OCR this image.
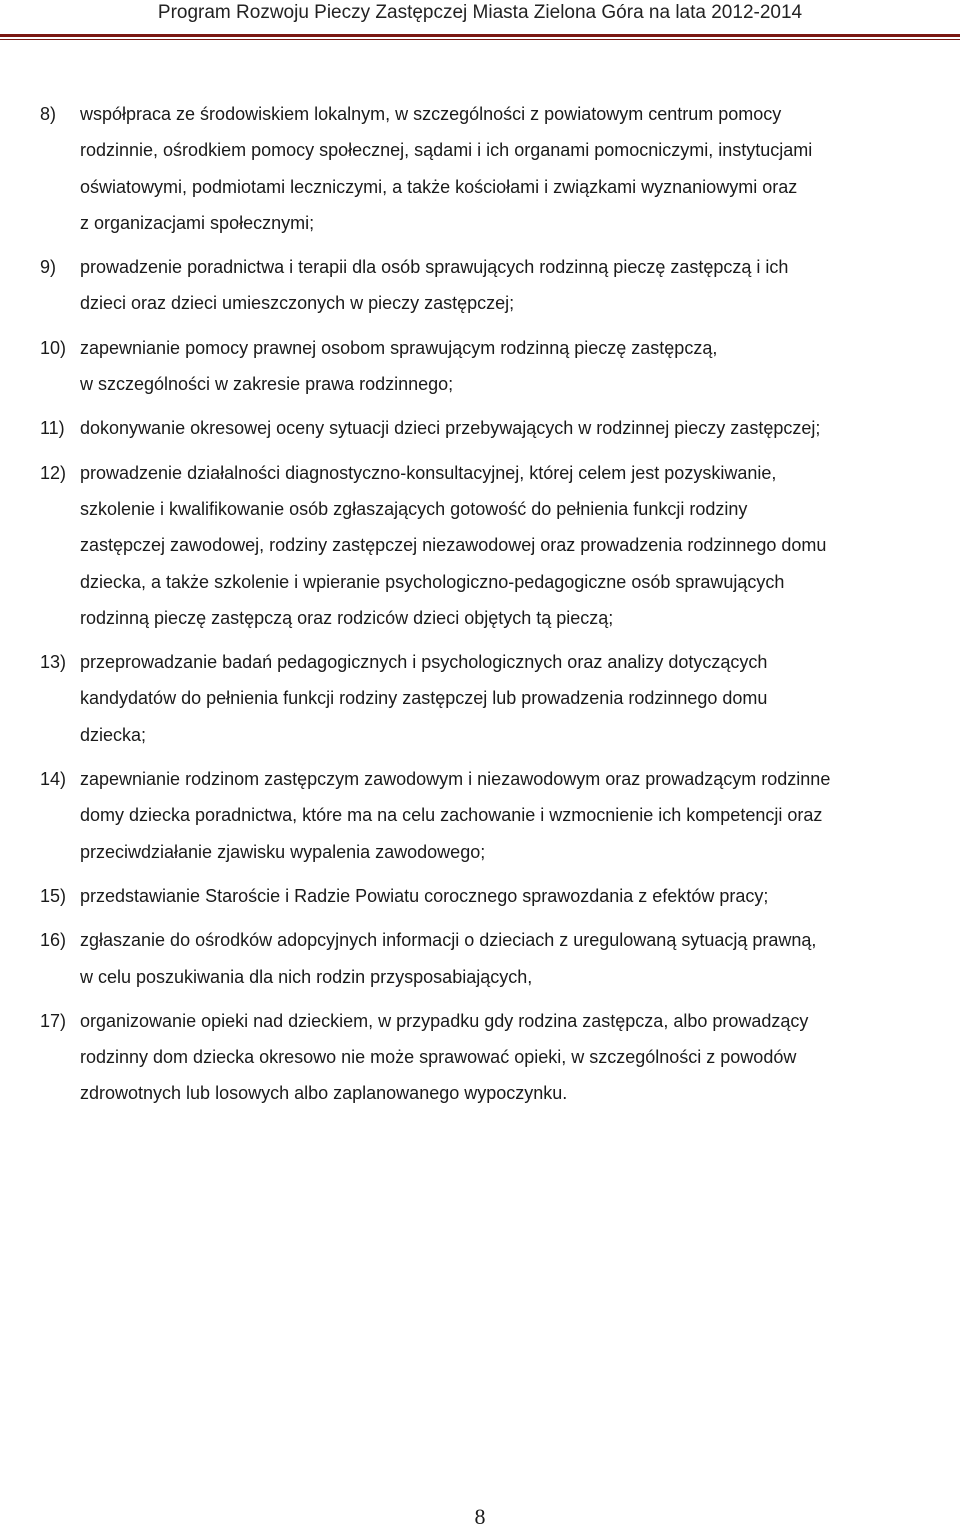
Program Rozwoju Pieczy Zastępczej Miasta Zielona Góra na lata 2012-2014
8) współpraca ze środowiskiem lokalnym, w szczególności z powiatowym centrum pomocy
rodzinnie, ośrodkiem pomocy społecznej, sądami i ich organami pomocniczymi, instytucjami
oświatowymi, podmiotami leczniczymi, a także kościołami i związkami wyznaniowymi oraz
z organizacjami społecznymi;
9) prowadzenie poradnictwa i terapii dla osób sprawujących rodzinną pieczę zastępczą i ich
dzieci oraz dzieci umieszczonych w pieczy zastępczej;
10) zapewnianie pomocy prawnej osobom sprawującym rodzinną pieczę zastępczą,
w szczególności w zakresie prawa rodzinnego;
11) dokonywanie okresowej oceny sytuacji dzieci przebywających w rodzinnej pieczy zastępczej;
12) prowadzenie działalności diagnostyczno-konsultacyjnej, której celem jest pozyskiwanie,
szkolenie i kwalifikowanie osób zgłaszających gotowość do pełnienia funkcji rodziny
zastępczej zawodowej, rodziny zastępczej niezawodowej oraz prowadzenia rodzinnego domu
dziecka, a także szkolenie i wpieranie psychologiczno-pedagogiczne osób sprawujących
rodzinną pieczę zastępczą oraz rodziców dzieci objętych tą pieczą;
13) przeprowadzanie badań pedagogicznych i psychologicznych oraz analizy dotyczących
kandydatów do pełnienia funkcji rodziny zastępczej lub prowadzenia rodzinnego domu
dziecka;
14) zapewnianie rodzinom zastępczym zawodowym i niezawodowym oraz prowadzącym rodzinne
domy dziecka poradnictwa, które ma na celu zachowanie i wzmocnienie ich kompetencji oraz
przeciwdziałanie zjawisku wypalenia zawodowego;
15) przedstawianie Staroście i Radzie Powiatu corocznego sprawozdania z efektów pracy;
16) zgłaszanie do ośrodków adopcyjnych informacji o dzieciach z uregulowaną sytuacją prawną,
w celu poszukiwania dla nich rodzin przysposabiających,
17) organizowanie opieki nad dzieckiem, w przypadku gdy rodzina zastępcza, albo prowadzący
rodzinny dom dziecka okresowo nie może sprawować opieki, w szczególności z powodów
zdrowotnych lub losowych albo zaplanowanego wypoczynku.
8
